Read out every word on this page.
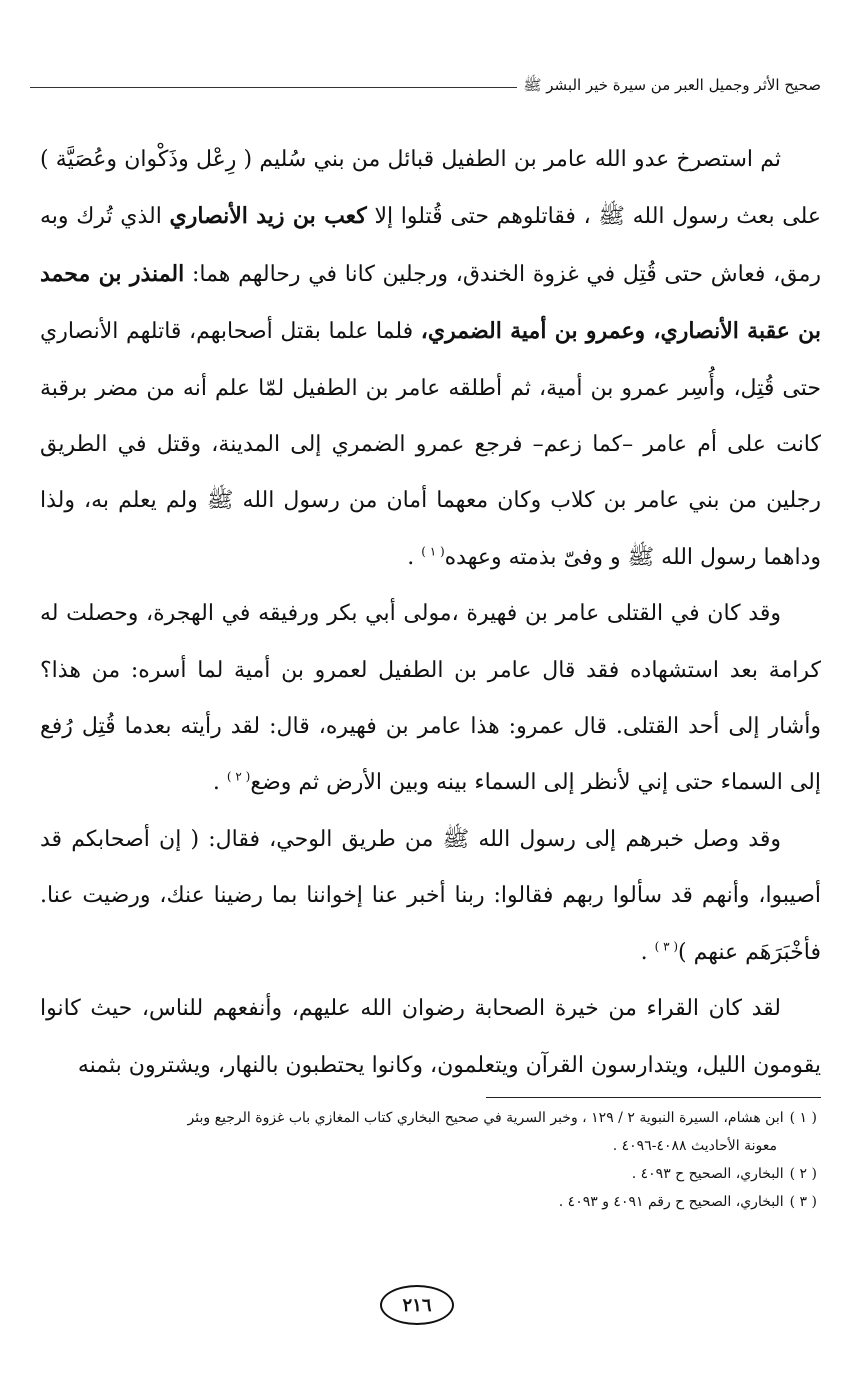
صحيح الأثر وجميل العبر من سيرة خير البشر ﷺ

ثم استصرخ عدو الله عامر بن الطفيل قبائل من بني سُليم ( رِعْل وذَكْوان وعُصَيَّة ) على بعث رسول الله ﷺ ، فقاتلوهم حتى قُتلوا إلا كعب بن زيد الأنصاري الذي تُرك وبه رمق، فعاش حتى قُتِل في غزوة الخندق، ورجلين كانا في رحالهم هما: المنذر بن محمد بن عقبة الأنصاري، وعمرو بن أمية الضمري، فلما علما بقتل أصحابهم، قاتلهم الأنصاري حتى قُتِل، وأُسِر عمرو بن أمية، ثم أطلقه عامر بن الطفيل لمّا علم أنه من مضر برقبة كانت على أم عامر –كما زعم– فرجع عمرو الضمري إلى المدينة، وقتل في الطريق رجلين من بني عامر بن كلاب وكان معهما أمان من رسول الله ﷺ ولم يعلم به، ولذا وداهما رسول الله ﷺ و وفىّ بذمته وعهده$^{( ١ )}$ .

وقد كان في القتلى عامر بن فهيرة ،مولى أبي بكر ورفيقه في الهجرة، وحصلت له كرامة بعد استشهاده فقد قال عامر بن الطفيل لعمرو بن أمية لما أسره: من هذا؟ وأشار إلى أحد القتلى. قال عمرو: هذا عامر بن فهيره، قال: لقد رأيته بعدما قُتِل رُفع إلى السماء حتى إني لأنظر إلى السماء بينه وبين الأرض ثم وضع$^{( ٢ )}$ .

وقد وصل خبرهم إلى رسول الله ﷺ من طريق الوحي، فقال: ( إن أصحابكم قد أصيبوا، وأنهم قد سألوا ربهم فقالوا: ربنا أخبر عنا إخواننا بما رضينا عنك، ورضيت عنا. فأخْبَرَهَم عنهم )$^{( ٣ )}$ .

لقد كان القراء من خيرة الصحابة رضوان الله عليهم، وأنفعهم للناس، حيث كانوا يقومون الليل، ويتدارسون القرآن ويتعلمون، وكانوا يحتطبون بالنهار، ويشترون بثمنه

( ١ )
ابن هشام، السيرة النبوية ٢ / ١٢٩ ، وخبر السرية في صحيح البخاري كتاب المغازي باب غزوة الرجيع وبئر
معونة الأحاديث ٤٠٨٨-٤٠٩٦ .
( ٢ )
البخاري، الصحيح ح ٤٠٩٣ .
( ٣ )
البخاري، الصحيح ح رقم ٤٠٩١ و ٤٠٩٣ .
٢١٦
